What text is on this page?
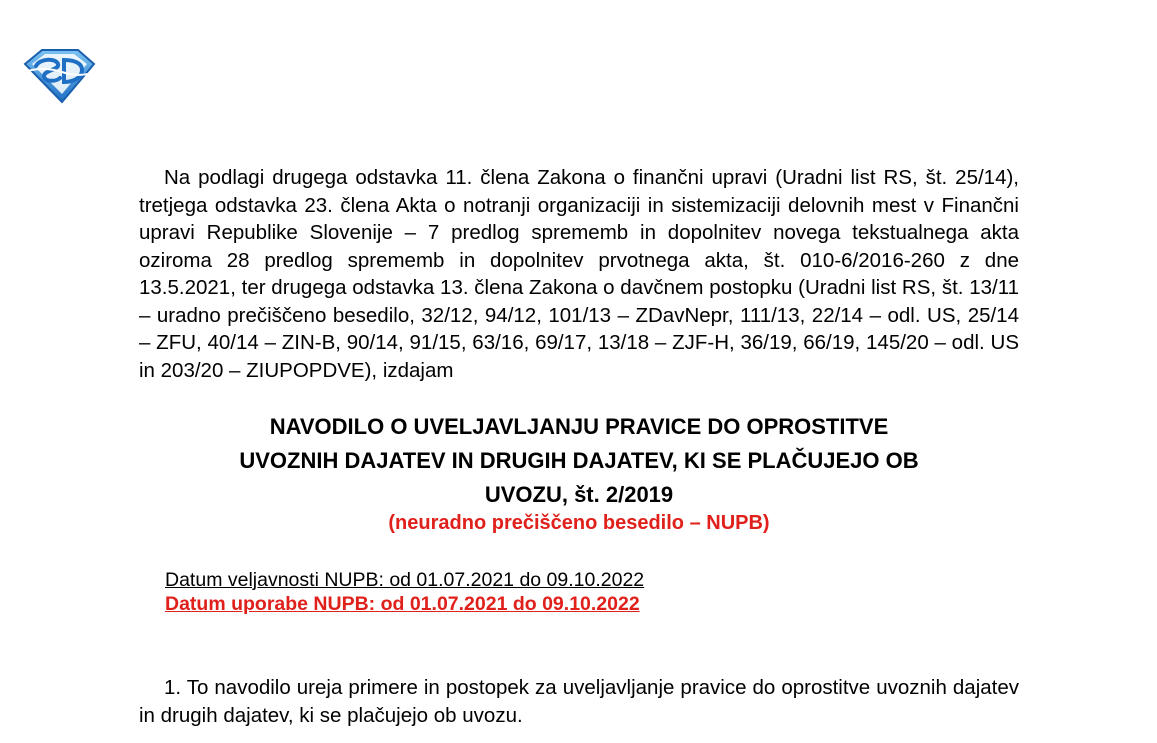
Na podlagi drugega odstavka 11. člena Zakona o finančni upravi (Uradni list RS, št. 25/14), tretjega odstavka 23. člena Akta o notranji organizaciji in sistemizaciji delovnih mest v Finančni upravi Republike Slovenije – 7 predlog sprememb in dopolnitev novega tekstualnega akta oziroma 28 predlog sprememb in dopolnitev prvotnega akta, št. 010-6/2016-260 z dne 13.5.2021, ter drugega odstavka 13. člena Zakona o davčnem postopku (Uradni list RS, št. 13/11 – uradno prečiščeno besedilo, 32/12, 94/12, 101/13 – ZDavNepr, 111/13, 22/14 – odl. US, 25/14 – ZFU, 40/14 – ZIN-B, 90/14, 91/15, 63/16, 69/17, 13/18 – ZJF-H, 36/19, 66/19, 145/20 – odl. US in 203/20 – ZIUPOPDVE), izdajam

NAVODILO O UVELJAVLJANJU PRAVICE DO OPROSTITVE
UVOZNIH DAJATEV IN DRUGIH DAJATEV, KI SE PLAČUJEJO OB
UVOZU, št. 2/2019
(neuradno prečiščeno besedilo – NUPB)
Datum veljavnosti NUPB: od 01.07.2021 do 09.10.2022
Datum uporabe NUPB: od 01.07.2021 do 09.10.2022

1. To navodilo ureja primere in postopek za uveljavljanje pravice do oprostitve uvoznih dajatev in drugih dajatev, ki se plačujejo ob uvozu.
